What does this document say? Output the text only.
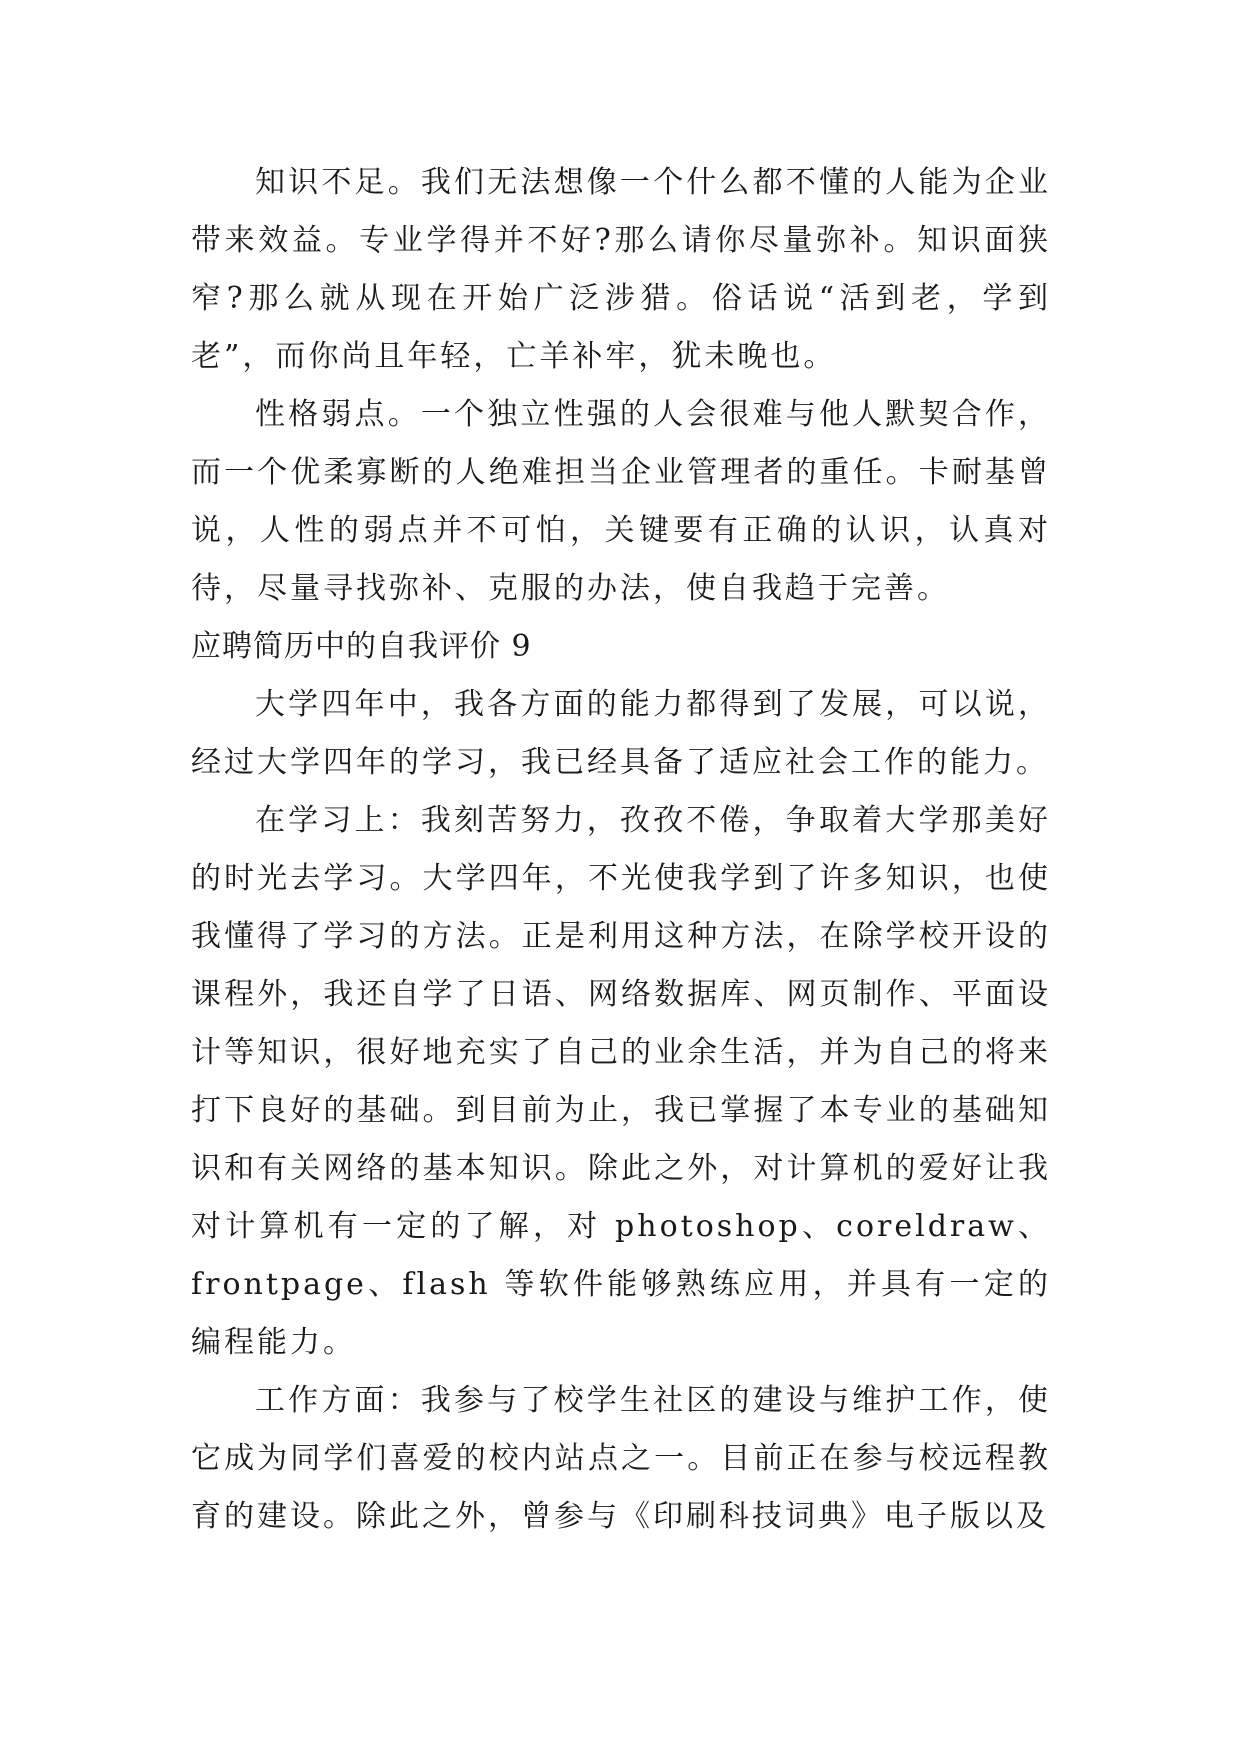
知识不足。我们无法想像一个什么都不懂的人能为企业带来效益。专业学得并不好?那么请你尽量弥补。知识面狭窄?那么就从现在开始广泛涉猎。俗话说“活到老，学到老”，而你尚且年轻，亡羊补牢，犹未晚也。

性格弱点。一个独立性强的人会很难与他人默契合作，而一个优柔寡断的人绝难担当企业管理者的重任。卡耐基曾说，人性的弱点并不可怕，关键要有正确的认识，认真对待，尽量寻找弥补、克服的办法，使自我趋于完善。

应聘简历中的自我评价 9

大学四年中，我各方面的能力都得到了发展，可以说，经过大学四年的学习，我已经具备了适应社会工作的能力。

在学习上：我刻苦努力，孜孜不倦，争取着大学那美好的时光去学习。大学四年，不光使我学到了许多知识，也使我懂得了学习的方法。正是利用这种方法，在除学校开设的课程外，我还自学了日语、网络数据库、网页制作、平面设计等知识，很好地充实了自己的业余生活，并为自己的将来打下良好的基础。到目前为止，我已掌握了本专业的基础知识和有关网络的基本知识。除此之外，对计算机的爱好让我对计算机有一定的了解，对 photoshop、coreldraw、frontpage、flash 等软件能够熟练应用，并具有一定的编程能力。

工作方面：我参与了校学生社区的建设与维护工作，使它成为同学们喜爱的校内站点之一。目前正在参与校远程教育的建设。除此之外，曾参与《印刷科技词典》电子版以及
